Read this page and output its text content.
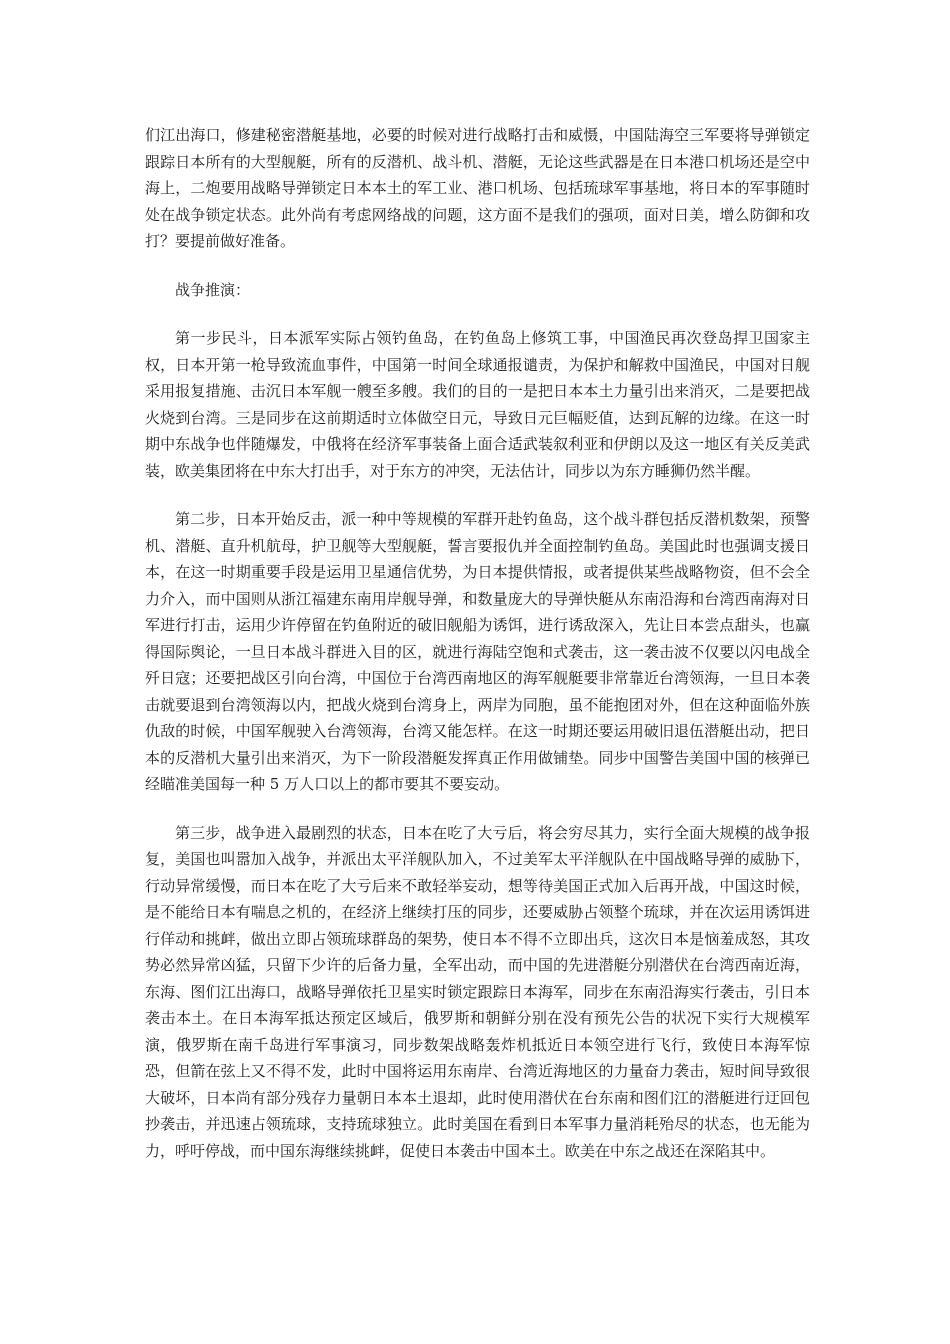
们江出海口，修建秘密潜艇基地，必要的时候对进行战略打击和威慑，中国陆海空三军要将导弹锁定跟踪日本所有的大型舰艇，所有的反潜机、战斗机、潜艇，无论这些武器是在日本港口机场还是空中海上，二炮要用战略导弹锁定日本本土的军工业、港口机场、包括琉球军事基地，将日本的军事随时处在战争锁定状态。此外尚有考虑网络战的问题，这方面不是我们的强项，面对日美，增么防御和攻打？要提前做好准备。

战争推演：

第一步民斗，日本派军实际占领钓鱼岛，在钓鱼岛上修筑工事，中国渔民再次登岛捍卫国家主权，日本开第一枪导致流血事件，中国第一时间全球通报谴责，为保护和解救中国渔民，中国对日舰采用报复措施、击沉日本军舰一艘至多艘。我们的目的一是把日本本土力量引出来消灭，二是要把战火烧到台湾。三是同步在这前期适时立体做空日元，导致日元巨幅贬值，达到瓦解的边缘。在这一时期中东战争也伴随爆发，中俄将在经济军事装备上面合适武装叙利亚和伊朗以及这一地区有关反美武装，欧美集团将在中东大打出手，对于东方的冲突，无法估计，同步以为东方睡狮仍然半醒。

第二步，日本开始反击，派一种中等规模的军群开赴钓鱼岛，这个战斗群包括反潜机数架，预警机、潜艇、直升机航母，护卫舰等大型舰艇，誓言要报仇并全面控制钓鱼岛。美国此时也强调支援日本，在这一时期重要手段是运用卫星通信优势，为日本提供情报，或者提供某些战略物资，但不会全力介入，而中国则从浙江福建东南用岸舰导弹，和数量庞大的导弹快艇从东南沿海和台湾西南海对日军进行打击，运用少许停留在钓鱼附近的破旧舰船为诱饵，进行诱敌深入，先让日本尝点甜头，也赢得国际舆论，一旦日本战斗群进入目的区，就进行海陆空饱和式袭击，这一袭击波不仅要以闪电战全歼日寇；还要把战区引向台湾，中国位于台湾西南地区的海军舰艇要非常靠近台湾领海，一旦日本袭击就要退到台湾领海以内，把战火烧到台湾身上，两岸为同胞，虽不能抱团对外，但在这种面临外族仇敌的时候，中国军舰驶入台湾领海，台湾又能怎样。在这一时期还要运用破旧退伍潜艇出动，把日本的反潜机大量引出来消灭，为下一阶段潜艇发挥真正作用做铺垫。同步中国警告美国中国的核弹已经瞄准美国每一种 5 万人口以上的都市要其不要妄动。

第三步，战争进入最剧烈的状态，日本在吃了大亏后，将会穷尽其力，实行全面大规模的战争报复，美国也叫嚣加入战争，并派出太平洋舰队加入，不过美军太平洋舰队在中国战略导弹的威胁下，行动异常缓慢，而日本在吃了大亏后来不敢轻举妄动，想等待美国正式加入后再开战，中国这时候，是不能给日本有喘息之机的，在经济上继续打压的同步，还要威胁占领整个琉球，并在次运用诱饵进行佯动和挑衅，做出立即占领琉球群岛的架势，使日本不得不立即出兵，这次日本是恼羞成怒，其攻势必然异常凶猛，只留下少许的后备力量，全军出动，而中国的先进潜艇分别潜伏在台湾西南近海，东海、图们江出海口，战略导弹依托卫星实时锁定跟踪日本海军，同步在东南沿海实行袭击，引日本袭击本土。在日本海军抵达预定区域后，俄罗斯和朝鲜分别在没有预先公告的状况下实行大规模军演，俄罗斯在南千岛进行军事演习，同步数架战略轰炸机抵近日本领空进行飞行，致使日本海军惊恐，但箭在弦上又不得不发，此时中国将运用东南岸、台湾近海地区的力量奋力袭击，短时间导致很大破坏，日本尚有部分残存力量朝日本本土退却，此时使用潜伏在台东南和图们江的潜艇进行迂回包抄袭击，并迅速占领琉球，支持琉球独立。此时美国在看到日本军事力量消耗殆尽的状态，也无能为力，呼吁停战，而中国东海继续挑衅，促使日本袭击中国本土。欧美在中东之战还在深陷其中。
